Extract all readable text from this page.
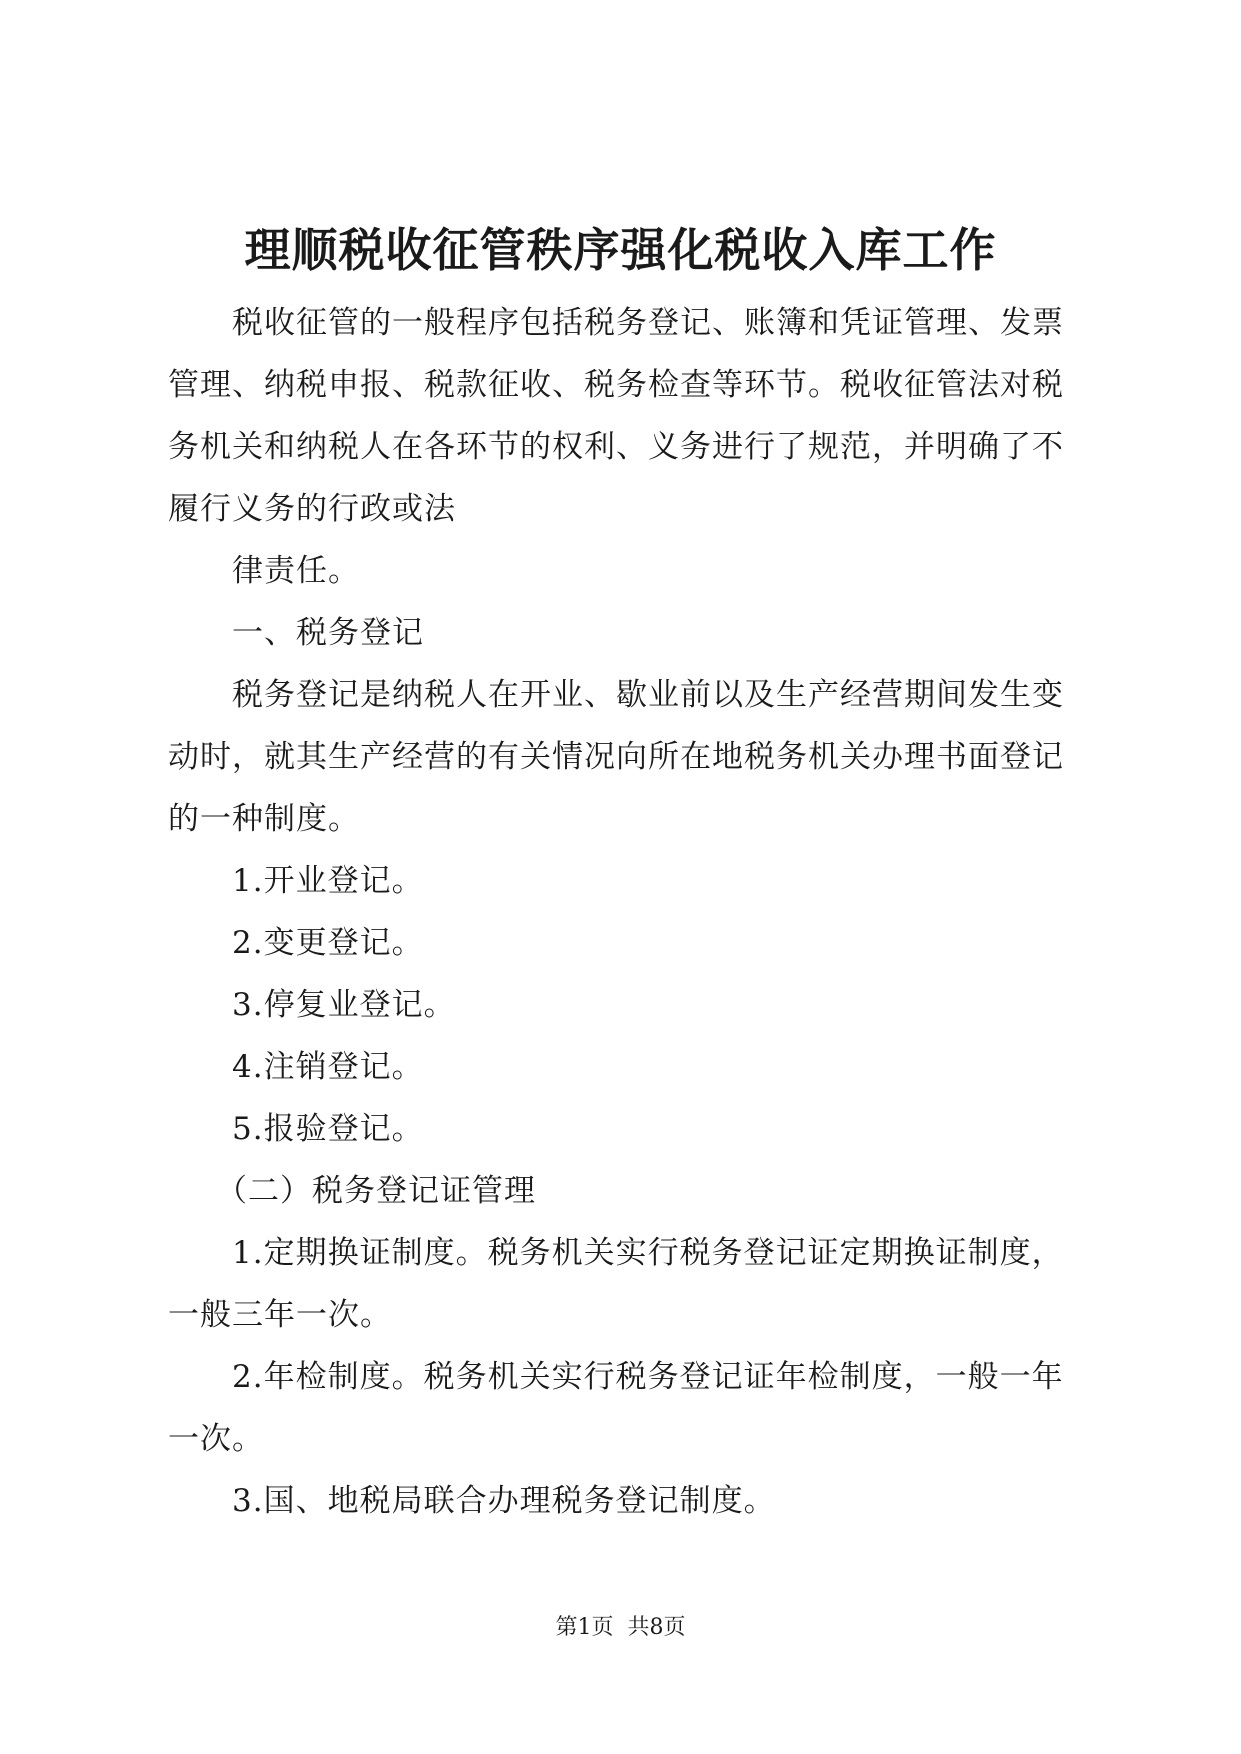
理顺税收征管秩序强化税收入库工作

税收征管的一般程序包括税务登记、账簿和凭证管理、发票管理、纳税申报、税款征收、税务检查等环节。税收征管法对税务机关和纳税人在各环节的权利、义务进行了规范，并明确了不履行义务的行政或法

律责任。

一、税务登记

税务登记是纳税人在开业、歇业前以及生产经营期间发生变动时，就其生产经营的有关情况向所在地税务机关办理书面登记的一种制度。

1.开业登记。

2.变更登记。

3.停复业登记。

4.注销登记。

5.报验登记。

（二）税务登记证管理

1.定期换证制度。税务机关实行税务登记证定期换证制度，一般三年一次。

2.年检制度。税务机关实行税务登记证年检制度，一般一年一次。

3.国、地税局联合办理税务登记制度。

第1页  共8页
